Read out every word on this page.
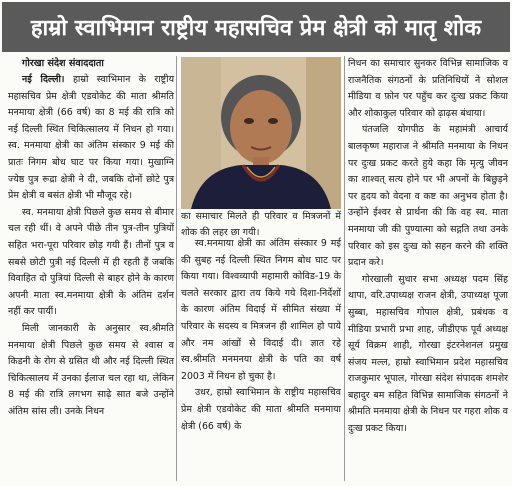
हाम्रो स्वाभिमान राष्ट्रीय महासचिव प्रेम क्षेत्री को मातृ शोक

गोरखा संदेश संवाददाता

नई दिल्ली। हाम्रो स्वाभिमान के राष्ट्रीय महासचिव प्रेम क्षेत्री एडवोकेट की माता श्रीमति मनमाया क्षेत्री (66 वर्ष) का 8 मई की रात्रि को नई दिल्ली स्थित चिकित्सालय में निधन हो गया। स्व. मनमाया क्षेत्री का अंतिम संस्कार 9 मई की प्रातः निगम बोध घाट पर किया गया। मुखाग्नि ज्येष्ठ पुत्र रूद्रा क्षेत्री ने दी, जबकि दोनों छोटे पुत्र प्रेम क्षेत्री व बसंत क्षेत्री भी मौजूद रहे।

स्व. मनमाया क्षेत्री पिछले कुछ समय से बीमार चल रही थीं। वे अपने पीछे तीन पुत्र-तीन पुत्रियों सहित भरा-पूरा परिवार छोड़ गयी हैं। तीनों पुत्र व सबसे छोटी पुत्री नई दिल्ली में ही रहती हैं जबकि विवाहित दो पुत्रियां दिल्ली से बाहर होने के कारण अपनी माता स्व.मनमाया क्षेत्री के अंतिम दर्शन नहीं कर पायीं।

मिली जानकारी के अनुसार स्व.श्रीमति मनमाया क्षेत्री पिछले कुछ समय से श्वास व किडनी के रोग से ग्रसित थी और नई दिल्ली स्थित चिकित्सालय में उनका ईलाज चल रहा था, लेकिन 8 मई की रात्रि लगभग साढ़े सात बजे उन्होंने अंतिम सांस ली। उनके निधन

का समाचार मिलते ही परिवार व मित्रजनों में शोक की लहर छा गयी।

स्व.मनमाया क्षेत्री का अंतिम संस्कार 9 मई की सुबह नई दिल्ली स्थित निगम बोध घाट पर किया गया। विश्वव्यापी महामारी कोविड-19 के चलते सरकार द्वारा तय किये गये दिशा-निर्देशों के कारण अंतिम विदाई में सीमित संख्या में परिवार के सदस्य व मित्रजन ही शामिल हो पाये और नम आंखों से विदाई दी। ज्ञात रहे स्व.श्रीमति मनमनया क्षेत्री के पति का वर्ष 2003 में निधन हो चुका है।

उधर, हाम्रो स्वाभिमान के राष्ट्रीय महासचिव प्रेम क्षेत्री एडवोकेट की माता श्रीमति मनमाया क्षेत्री (66 वर्ष) के

निधन का समाचार सुनकर विभिन्न सामाजिक व राजनैतिक संगठनों के प्रतिनिधियों ने सोशल मीडिया व फ़ोन पर पहुँच कर दुःख प्रकट किया और शोकाकुल परिवार को ढ़ाढ़स बंधाया।

पंतजलि योगपीठ के महामंत्री आचार्य बालकृष्ण महाराज ने श्रीमति मनमाया के निधन पर दुःख प्रकट करते हुये कहा कि मृत्यु जीवन का शाश्वत् सत्य होने पर भी अपनों के बिछुड़ने पर हृदय को वेदना व कष्ट का अनुभव होता है। उन्होंने ईश्वर से प्रार्थना की कि वह स्व. माता मनमाया जी की पुण्यात्मा को सद्गति तथा उनके परिवार को इस दुःख को सहन करने की शक्ति प्रदान करे।

गोरखाली सुधार सभा अध्यक्ष पदम सिंह थापा, वरि.उपाध्यक्ष राजन क्षेत्री, उपाध्यक्ष पूजा सुब्बा, महासचिव गोपाल क्षेत्री, प्रबंधक व मीडिया प्रभारी प्रभा शाह, जीडीएफ पूर्व अध्यक्ष सूर्य विक्रम शाही, गोरखा इंटरनेशनल प्रमुख संजय मल्ल, हाम्रो स्वाभिमान प्रदेश महासचिव राजकुमार भूपाल, गोरखा संदेश संपादक शमशेर बहादुर बम सहित विभिन्न सामाजिक संगठनों ने श्रीमति मनमाया क्षेत्री के निधन पर गहरा शोक व दुःख प्रकट किया।
